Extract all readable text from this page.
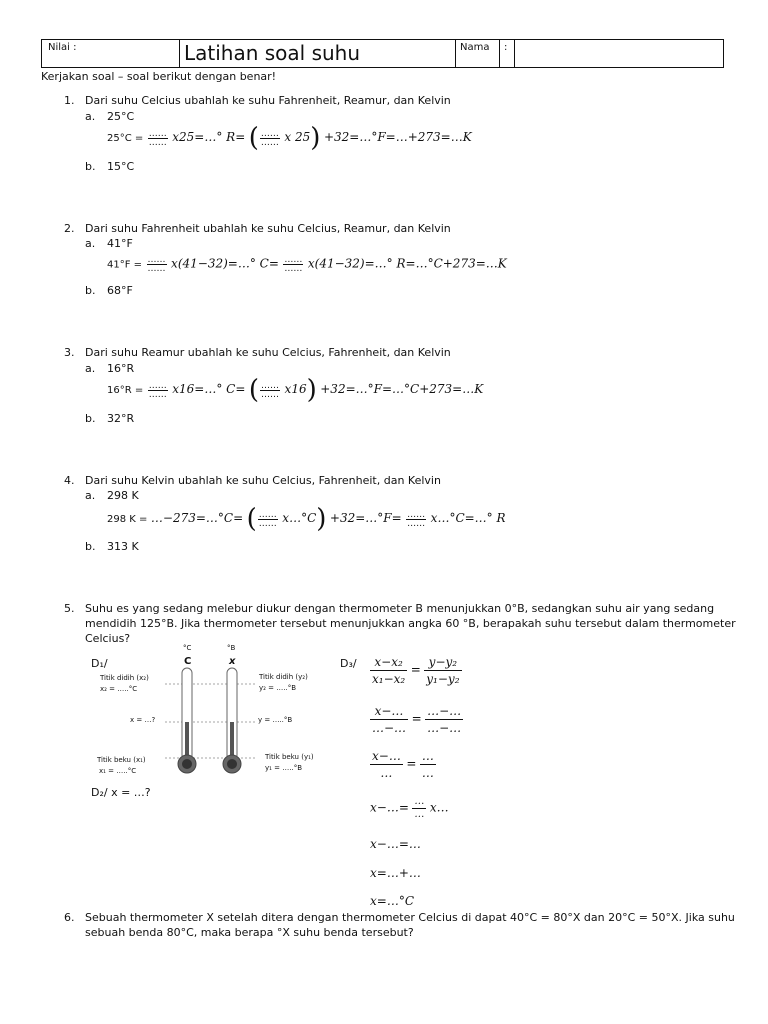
Nilai :	Latihan soal suhu	Nama :
Kerjakan soal – soal berikut dengan benar!
1. Dari suhu Celcius ubahlah ke suhu Fahrenheit, Reamur, dan Kelvin
a. 25°C
$25^\circ C = \frac{\dots\dots}{\dots\dots}$ x25=…° R= ( $\frac{\dots\dots}{\dots\dots}$ x 25) +32=…°F=…+273=…K
b. 15°C
2. Dari suhu Fahrenheit ubahlah ke suhu Celcius, Reamur, dan Kelvin
a. 41°F
$41^\circ F = \frac{\dots\dots}{\dots\dots}$ x(41−32)=…° $C= \frac{\dots\dots}{\dots\dots}$ x(41−32)=…° R=…°C+273=…K
b. 68°F
3. Dari suhu Reamur ubahlah ke suhu Celcius, Fahrenheit, dan Kelvin
a. 16°R
$16^\circ R = \frac{\dots\dots}{\dots\dots}$ x16=…° C= ( $\frac{\dots\dots}{\dots\dots} x16$) +32=…°F=…°C+273=…K
b. 32°R
4. Dari suhu Kelvin ubahlah ke suhu Celcius, Fahrenheit, dan Kelvin
a. 298 K
298 K = …−273=…°C= ( $\frac{\dots\dots}{\dots\dots}$ x…°C) +32=…°F= $\frac{\dots\dots}{\dots\dots}$ x…°C=…° R
b. 313 K
5. Suhu es yang sedang melebur diukur dengan thermometer B menunjukkan 0°B, sedangkan suhu air yang sedang
mendidih 125°B. Jika thermometer tersebut menunjukkan angka 60 °B, berapakah suhu tersebut dalam thermometer
Celcius?
D₁/
D₂/ x = …?
D₃/
°C	°B
C	x
Titik didih (x₂)
x₂ = …..°C
x = …?
Titik beku (x₁)
x₁ = …..°C
Titik didih (y₂)
y₂ = …..°B
y = …..°B
Titik beku (y₁)
y₁ = …..°B
$\frac{\text{x−x₂}}{\text{x₁−x₂}} = \frac{\text{y−y₂}}{\text{y₁−y₂}}$
$\frac{x-\dots}{\dots-\dots} = \frac{\dots-\dots}{\dots-\dots}$
$\frac{x-\dots}{\dots} = \frac{\dots}{\dots}$
x−…= $\frac{\dots}{\dots}$ x…
x−…=…
x=…+…
x=…°C
6. Sebuah thermometer X setelah ditera dengan thermometer Celcius di dapat 40°C = 80°X dan 20°C = 50°X. Jika suhu
sebuah benda 80°C, maka berapa °X suhu benda tersebut?
